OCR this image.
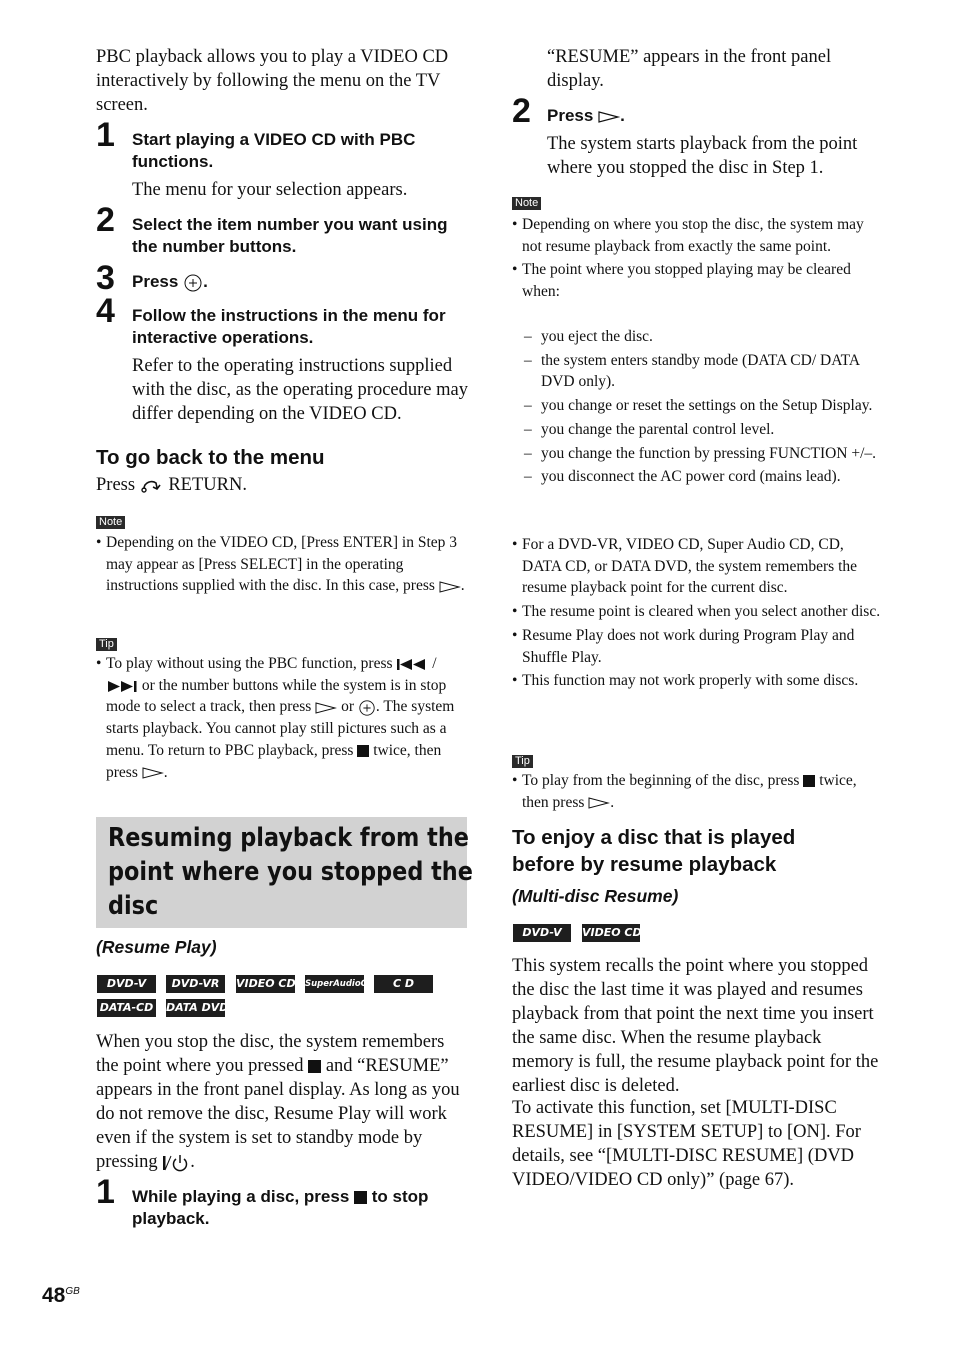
PBC playback allows you to play a VIDEO CD interactively by following the menu on the TV screen.
1 Start playing a VIDEO CD with PBC functions.
The menu for your selection appears.
2 Select the item number you want using the number buttons.
3 Press .
4 Follow the instructions in the menu for interactive operations.
Refer to the operating instructions supplied with the disc, as the operating procedure may differ depending on the VIDEO CD.
To go back to the menu
Press RETURN.
Note
• Depending on the VIDEO CD, [Press ENTER] in Step 3 may appear as [Press SELECT] in the operating instructions supplied with the disc. In this case, press .
Tip
• To play without using the PBC function, press  /  or the number buttons while the system is in stop mode to select a track, then press or . The system starts playback. You cannot play still pictures such as a menu. To return to PBC playback, press twice, then press .
Resuming playback from the
point where you stopped the
disc
(Resume Play)
DVD-V	DVD-VR	VIDEO CD SuperAudioCD	C D
DATA-CD DATA DVD
When you stop the disc, the system remembers the point where you pressed and “RESUME” appears in the front panel display. As long as you do not remove the disc, Resume Play will work even if the system is set to standby mode by pressing .
1 While playing a disc, press to stop playback.
“RESUME” appears in the front panel display.
2 Press .
The system starts playback from the point where you stopped the disc in Step 1.
Note
• Depending on where you stop the disc, the system may not resume playback from exactly the same point.
• The point where you stopped playing may be cleared when:
– you eject the disc.
– the system enters standby mode (DATA CD/ DATA DVD only).
– you change or reset the settings on the Setup Display.
– you change the parental control level.
– you change the function by pressing FUNCTION +/–.
– you disconnect the AC power cord (mains lead).
• For a DVD-VR, VIDEO CD, Super Audio CD, CD, DATA CD, or DATA DVD, the system remembers the resume playback point for the current disc.
• The resume point is cleared when you select another disc.
• Resume Play does not work during Program Play and Shuffle Play.
• This function may not work properly with some discs.
Tip
• To play from the beginning of the disc, press twice, then press .
To enjoy a disc that is played
before by resume playback
(Multi-disc Resume)
DVD-V	VIDEO CD
This system recalls the point where you stopped the disc the last time it was played and resumes playback from that point the next time you insert the same disc. When the resume playback memory is full, the resume playback point for the earliest disc is deleted.
To activate this function, set [MULTI-DISC RESUME] in [SYSTEM SETUP] to [ON]. For details, see “[MULTI-DISC RESUME] (DVD VIDEO/VIDEO CD only)” (page 67).
$48^{GB}$
